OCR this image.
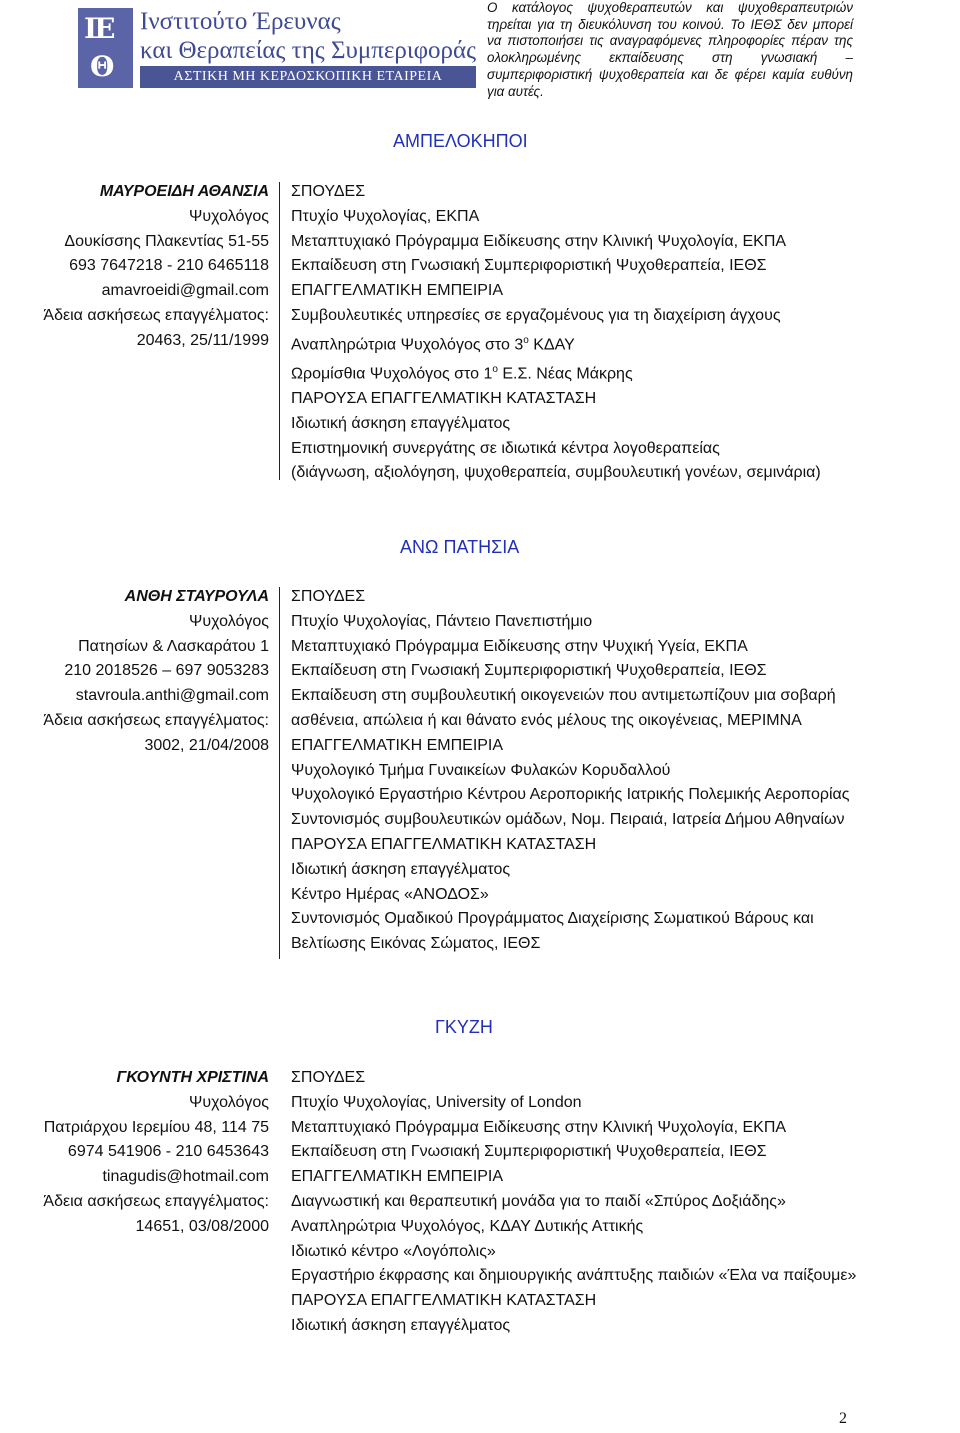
ΙΕ
Θ
Ινστιτούτο Έρευνας
και Θεραπείας της Συμπεριφοράς
ΑΣΤΙΚΗ ΜΗ ΚΕΡΔΟΣΚΟΠΙΚΗ ΕΤΑΙΡΕΙΑ
Ο κατάλογος ψυχοθεραπευτών και ψυχοθεραπευτριών τηρείται για τη διευκόλυνση του κοινού. Το ΙΕΘΣ δεν μπορεί να πιστοποιήσει τις αναγραφόμενες πληροφορίες πέραν της ολοκληρωμένης εκπαίδευσης στη γνωσιακή – συμπεριφοριστική ψυχοθεραπεία και δε φέρει καμία ευθύνη για αυτές.
ΑΜΠΕΛΟΚΗΠΟΙ
ΜΑΥΡΟΕΙΔΗ ΑΘΑΝΣΙΑ
Ψυχολόγος
Δουκίσσης Πλακεντίας 51-55
693 7647218 - 210 6465118
amavroeidi@gmail.com
Άδεια ασκήσεως επαγγέλματος:
20463, 25/11/1999
ΣΠΟΥΔΕΣ
Πτυχίο Ψυχολογίας, ΕΚΠΑ
Μεταπτυχιακό Πρόγραμμα Ειδίκευσης στην Κλινική Ψυχολογία, ΕΚΠΑ
Εκπαίδευση στη Γνωσιακή Συμπεριφοριστική Ψυχοθεραπεία, ΙΕΘΣ
ΕΠΑΓΓΕΛΜΑΤΙΚΗ ΕΜΠΕΙΡΙΑ
Συμβουλευτικές υπηρεσίες σε εργαζομένους για τη διαχείριση άγχους
Αναπληρώτρια Ψυχολόγος στο $3^o$ ΚΔΑΥ
Ωρομίσθια Ψυχολόγος στο $1^o$ Ε.Σ. Νέας Μάκρης
ΠΑΡΟΥΣΑ ΕΠΑΓΓΕΛΜΑΤΙΚΗ ΚΑΤΑΣΤΑΣΗ
Ιδιωτική άσκηση επαγγέλματος
Επιστημονική συνεργάτης σε ιδιωτικά κέντρα λογοθεραπείας
(διάγνωση, αξιολόγηση, ψυχοθεραπεία, συμβουλευτική γονέων, σεμινάρια)
ΑΝΩ ΠΑΤΗΣΙΑ
ΑΝΘΗ ΣΤΑΥΡΟΥΛΑ
Ψυχολόγος
Πατησίων & Λασκαράτου 1
210 2018526 – 697 9053283
stavroula.anthi@gmail.com
Άδεια ασκήσεως επαγγέλματος:
3002, 21/04/2008
ΣΠΟΥΔΕΣ
Πτυχίο Ψυχολογίας, Πάντειο Πανεπιστήμιο
Μεταπτυχιακό Πρόγραμμα Ειδίκευσης στην Ψυχική Υγεία, ΕΚΠΑ
Εκπαίδευση στη Γνωσιακή Συμπεριφοριστική Ψυχοθεραπεία, ΙΕΘΣ
Εκπαίδευση στη συμβουλευτική οικογενειών που αντιμετωπίζουν μια σοβαρή
ασθένεια, απώλεια ή και θάνατο ενός μέλους της οικογένειας, ΜΕΡΙΜΝΑ
ΕΠΑΓΓΕΛΜΑΤΙΚΗ ΕΜΠΕΙΡΙΑ
Ψυχολογικό Τμήμα Γυναικείων Φυλακών Κορυδαλλού
Ψυχολογικό Εργαστήριο Κέντρου Αεροπορικής Ιατρικής Πολεμικής Αεροπορίας
Συντονισμός συμβουλευτικών ομάδων, Νομ. Πειραιά, Ιατρεία Δήμου Αθηναίων
ΠΑΡΟΥΣΑ ΕΠΑΓΓΕΛΜΑΤΙΚΗ ΚΑΤΑΣΤΑΣΗ
Ιδιωτική άσκηση επαγγέλματος
Κέντρο Ημέρας «ΑΝΟΔΟΣ»
Συντονισμός Ομαδικού Προγράμματος Διαχείρισης Σωματικού Βάρους και
Βελτίωσης Εικόνας Σώματος, ΙΕΘΣ
ΓΚΥΖΗ
ΓΚΟΥΝΤΗ ΧΡΙΣΤΙΝΑ
Ψυχολόγος
Πατριάρχου Ιερεμίου 48, 114 75
6974 541906 - 210 6453643
tinagudis@hotmail.com
Άδεια ασκήσεως επαγγέλματος:
14651, 03/08/2000
ΣΠΟΥΔΕΣ
Πτυχίο Ψυχολογίας, University of London
Μεταπτυχιακό Πρόγραμμα Ειδίκευσης στην Κλινική Ψυχολογία, ΕΚΠΑ
Εκπαίδευση στη Γνωσιακή Συμπεριφοριστική Ψυχοθεραπεία, ΙΕΘΣ
ΕΠΑΓΓΕΛΜΑΤΙΚΗ ΕΜΠΕΙΡΙΑ
Διαγνωστική και θεραπευτική μονάδα για το παιδί «Σπύρος Δοξιάδης»
Αναπληρώτρια Ψυχολόγος, ΚΔΑΥ Δυτικής Αττικής
Ιδιωτικό κέντρο «Λογόπολις»
Εργαστήριο έκφρασης και δημιουργικής ανάπτυξης παιδιών «Έλα να παίξουμε»
ΠΑΡΟΥΣΑ ΕΠΑΓΓΕΛΜΑΤΙΚΗ ΚΑΤΑΣΤΑΣΗ
Ιδιωτική άσκηση επαγγέλματος
2
